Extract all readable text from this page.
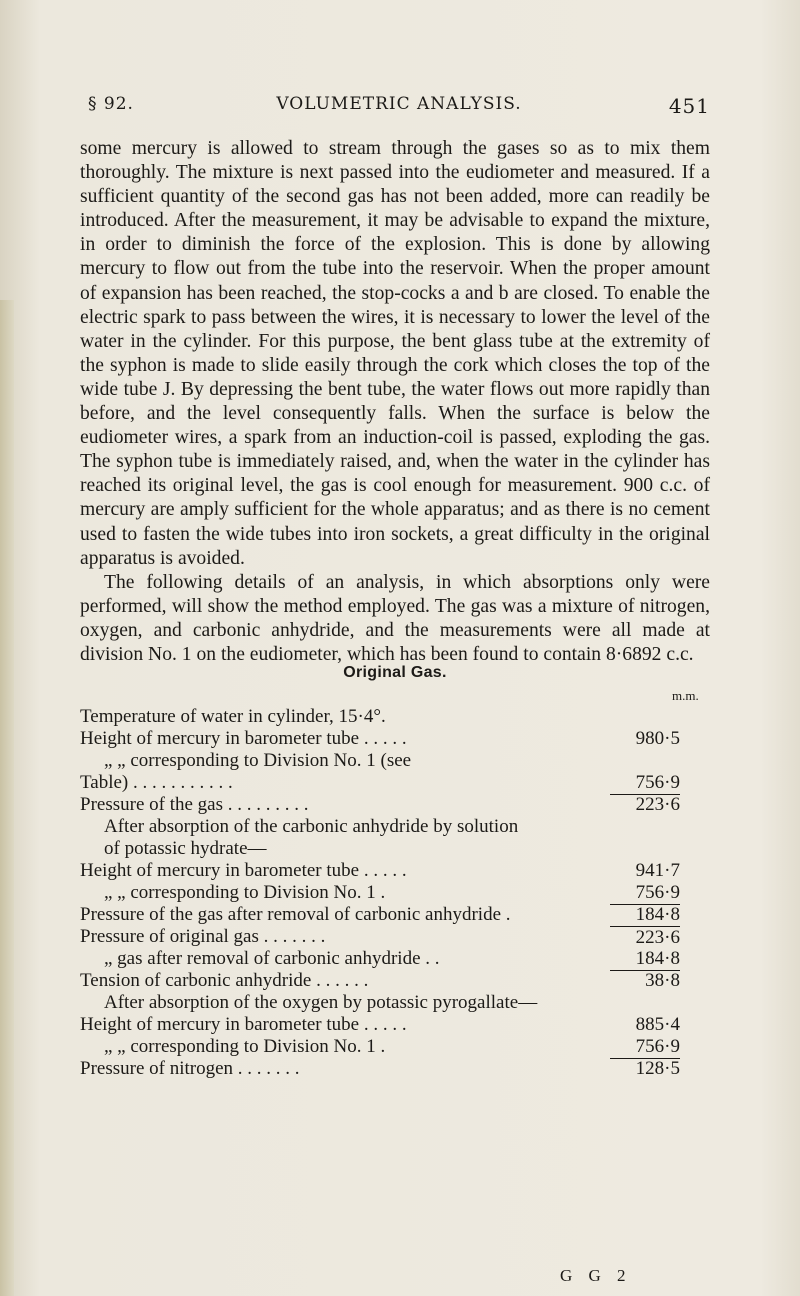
§ 92.	VOLUMETRIC ANALYSIS.	451

some mercury is allowed to stream through the gases so as to mix them thoroughly. The mixture is next passed into the eudiometer and measured. If a sufficient quantity of the second gas has not been added, more can readily be introduced. After the measurement, it may be advisable to expand the mixture, in order to diminish the force of the explosion. This is done by allowing mercury to flow out from the tube into the reservoir. When the proper amount of expansion has been reached, the stop-cocks a and b are closed. To enable the electric spark to pass between the wires, it is necessary to lower the level of the water in the cylinder. For this purpose, the bent glass tube at the extremity of the syphon is made to slide easily through the cork which closes the top of the wide tube J. By depressing the bent tube, the water flows out more rapidly than before, and the level consequently falls. When the surface is below the eudiometer wires, a spark from an induction-coil is passed, exploding the gas. The syphon tube is immediately raised, and, when the water in the cylinder has reached its original level, the gas is cool enough for measurement. 900 c.c. of mercury are amply sufficient for the whole apparatus; and as there is no cement used to fasten the wide tubes into iron sockets, a great difficulty in the original apparatus is avoided.

The following details of an analysis, in which absorptions only were performed, will show the method employed. The gas was a mixture of nitrogen, oxygen, and carbonic anhydride, and the measurements were all made at division No. 1 on the eudiometer, which has been found to contain 8·6892 c.c.

Original Gas.
m.m.
Temperature of water in cylinder, 15·4°.
Height of mercury in barometer tube . . . . .	980·5
„ „ corresponding to Division No. 1 (see
Table) . . . . . . . . . . .	756·9
Pressure of the gas . . . . . . . . .	223·6
After absorption of the carbonic anhydride by solution
of potassic hydrate—
Height of mercury in barometer tube . . . . .	941·7
„ „ corresponding to Division No. 1 .	756·9
Pressure of the gas after removal of carbonic anhydride .	184·8
Pressure of original gas . . . . . . .	223·6
„ gas after removal of carbonic anhydride . .	184·8
Tension of carbonic anhydride . . . . . .	38·8
After absorption of the oxygen by potassic pyrogallate—
Height of mercury in barometer tube . . . . .	885·4
„ „ corresponding to Division No. 1 .	756·9
Pressure of nitrogen . . . . . . .	128·5
G G 2
